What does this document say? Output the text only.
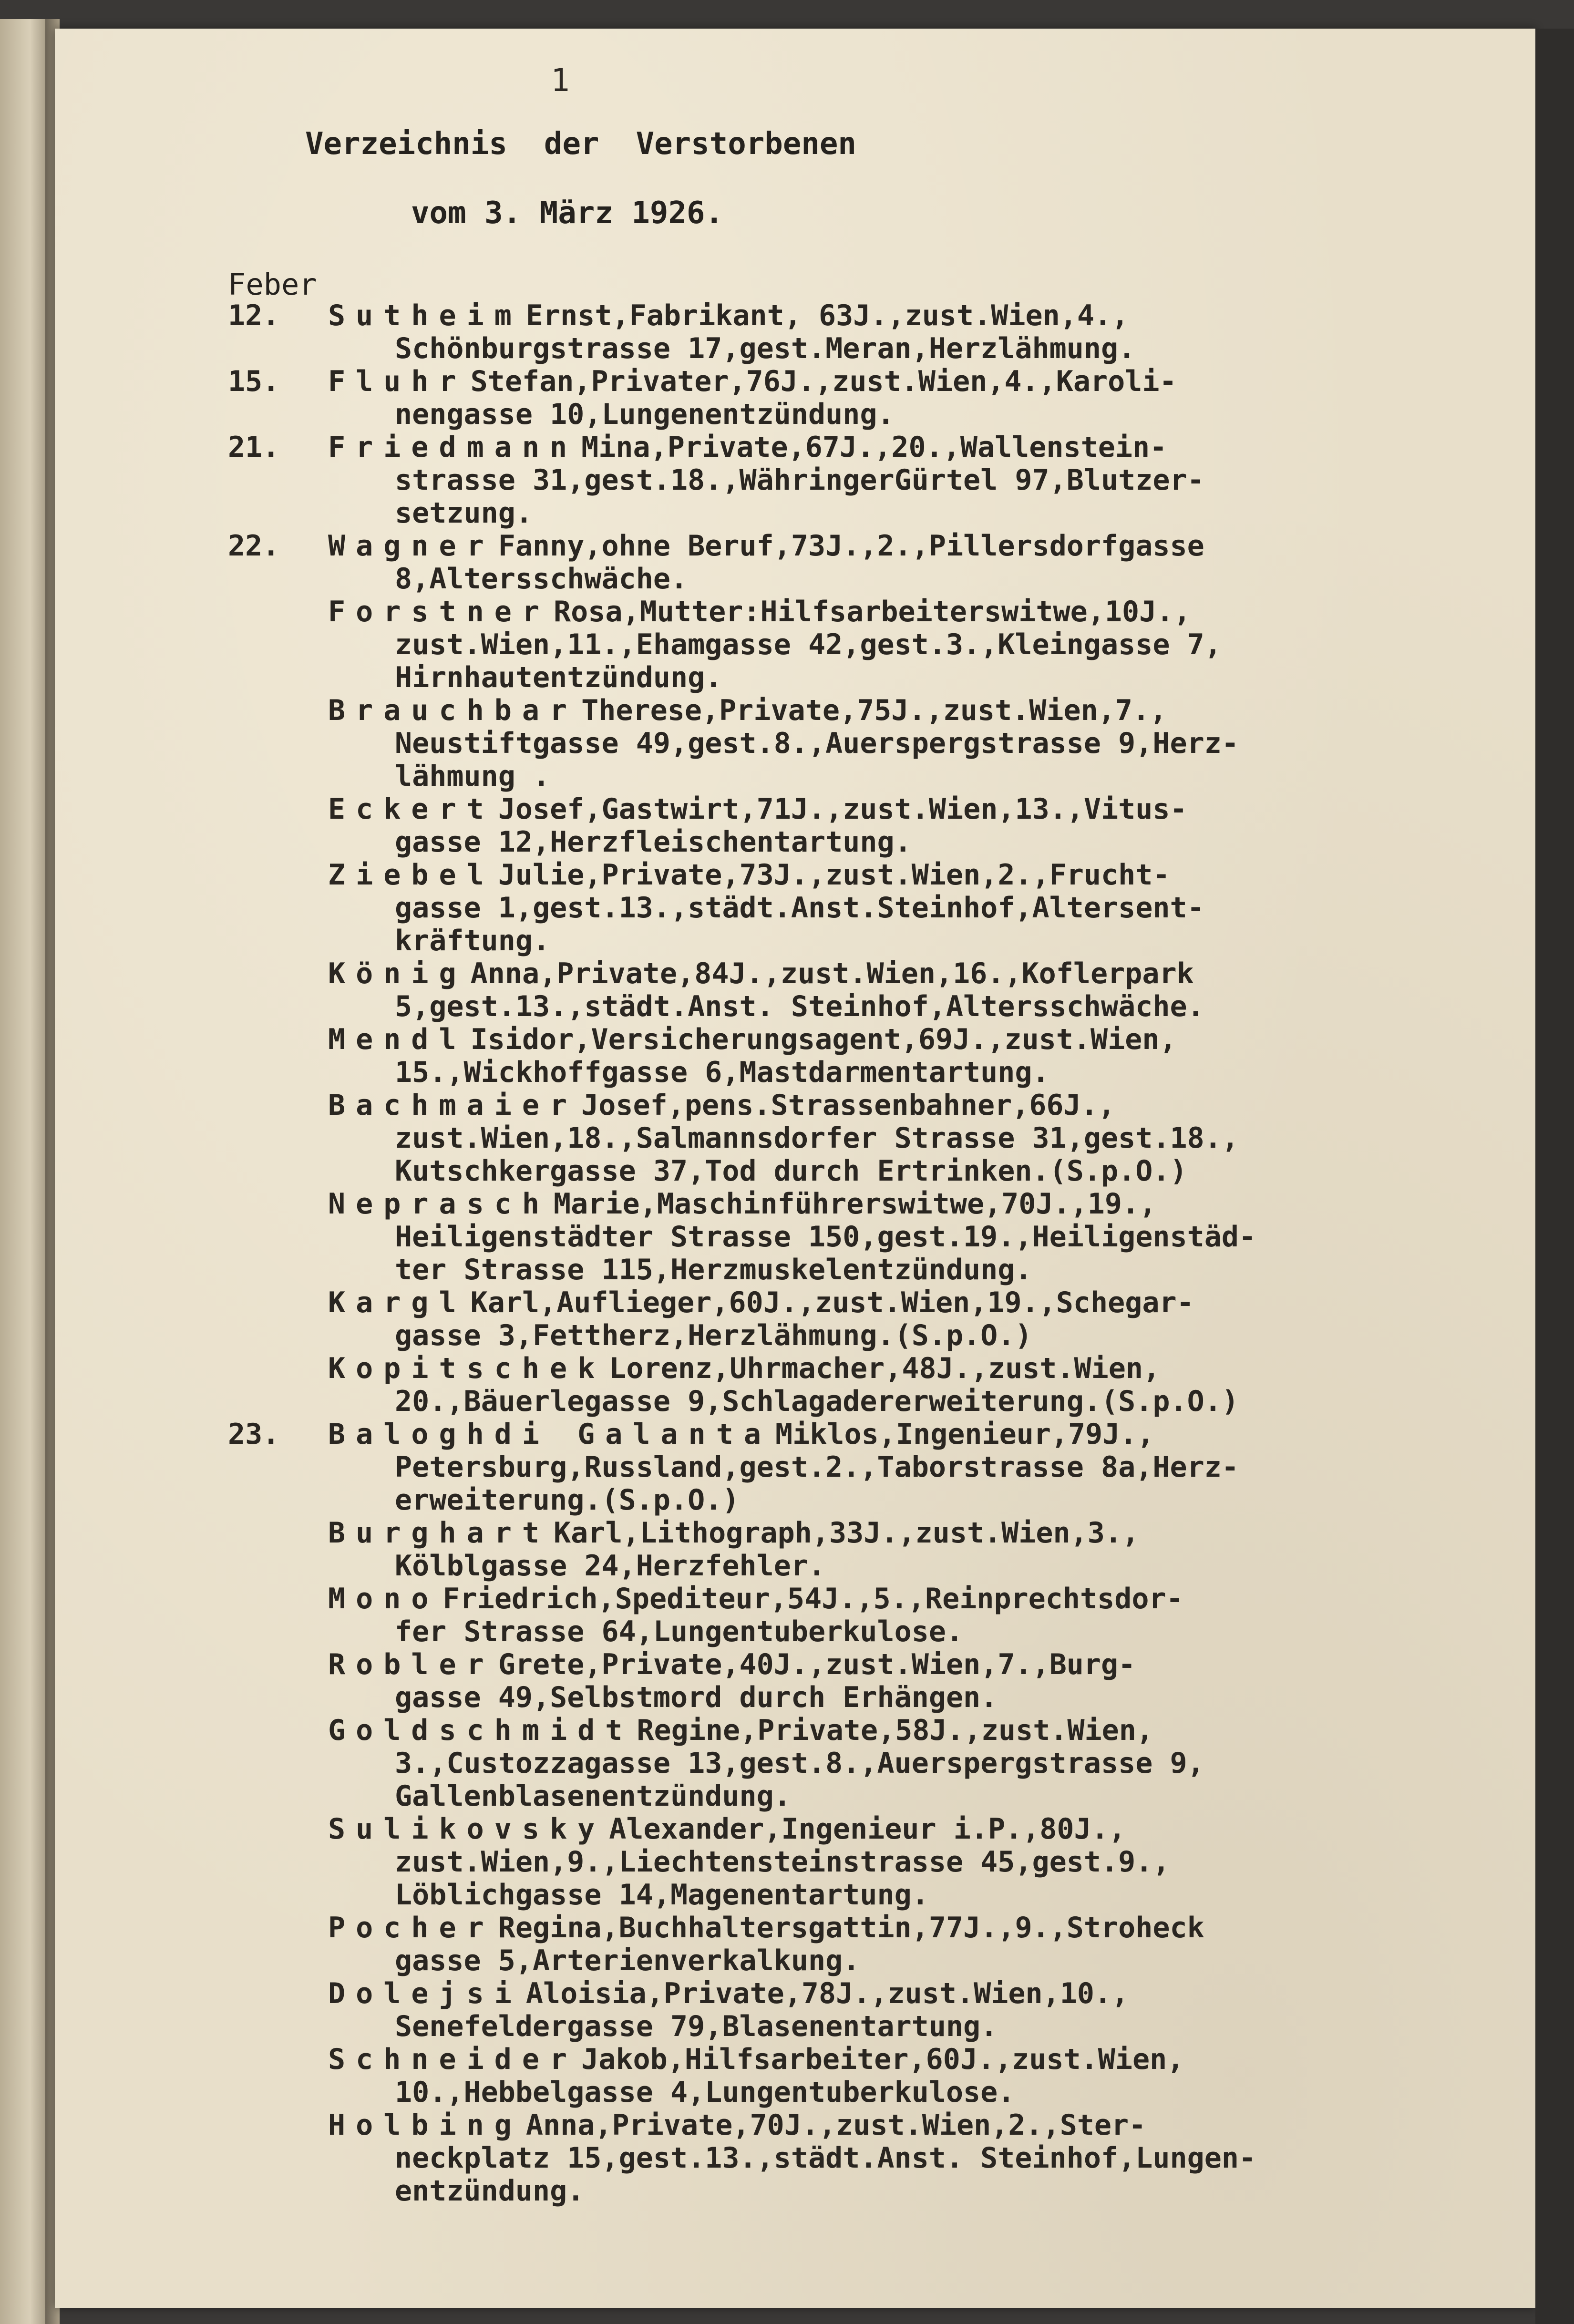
1
Verzeichnis  der  Verstorbenen
vom 3. März 1926.
Feber
12.	Sutheim Ernst,Fabrikant, 63J.,zust.Wien,4.,
Schönburgstrasse 17,gest.Meran,Herzlähmung.
15.	Fluhr Stefan,Privater,76J.,zust.Wien,4.,Karoli-
nengasse 10,Lungenentzündung.
21.	Friedmann Mina,Private,67J.,20.,Wallenstein-
strasse 31,gest.18.,WähringerGürtel 97,Blutzer-
setzung.
22.	Wagner Fanny,ohne Beruf,73J.,2.,Pillersdorfgasse
8,Altersschwäche.
Forstner Rosa,Mutter:Hilfsarbeiterswitwe,10J.,
zust.Wien,11.,Ehamgasse 42,gest.3.,Kleingasse 7,
Hirnhautentzündung.
Brauchbar Therese,Private,75J.,zust.Wien,7.,
Neustiftgasse 49,gest.8.,Auerspergstrasse 9,Herz-
lähmung .
Eckert Josef,Gastwirt,71J.,zust.Wien,13.,Vitus-
gasse 12,Herzfleischentartung.
Ziebel Julie,Private,73J.,zust.Wien,2.,Frucht-
gasse 1,gest.13.,städt.Anst.Steinhof,Altersent-
kräftung.
König Anna,Private,84J.,zust.Wien,16.,Koflerpark
5,gest.13.,städt.Anst. Steinhof,Altersschwäche.
Mendl Isidor,Versicherungsagent,69J.,zust.Wien,
15.,Wickhoffgasse 6,Mastdarmentartung.
Bachmaier Josef,pens.Strassenbahner,66J.,
zust.Wien,18.,Salmannsdorfer Strasse 31,gest.18.,
Kutschkergasse 37,Tod durch Ertrinken.(S.p.O.)
Neprasch Marie,Maschinführerswitwe,70J.,19.,
Heiligenstädter Strasse 150,gest.19.,Heiligenstäd-
ter Strasse 115,Herzmuskelentzündung.
Kargl Karl,Auflieger,60J.,zust.Wien,19.,Schegar-
gasse 3,Fettherz,Herzlähmung.(S.p.O.)
Kopitschek Lorenz,Uhrmacher,48J.,zust.Wien,
20.,Bäuerlegasse 9,Schlagadererweiterung.(S.p.O.)
23.	Baloghdi Galanta Miklos,Ingenieur,79J.,
Petersburg,Russland,gest.2.,Taborstrasse 8a,Herz-
erweiterung.(S.p.O.)
Burghart Karl,Lithograph,33J.,zust.Wien,3.,
Kölblgasse 24,Herzfehler.
Mono Friedrich,Spediteur,54J.,5.,Reinprechtsdor-
fer Strasse 64,Lungentuberkulose.
Robler Grete,Private,40J.,zust.Wien,7.,Burg-
gasse 49,Selbstmord durch Erhängen.
Goldschmidt Regine,Private,58J.,zust.Wien,
3.,Custozzagasse 13,gest.8.,Auerspergstrasse 9,
Gallenblasenentzündung.
Sulikovsky Alexander,Ingenieur i.P.,80J.,
zust.Wien,9.,Liechtensteinstrasse 45,gest.9.,
Löblichgasse 14,Magenentartung.
Pocher Regina,Buchhaltersgattin,77J.,9.,Stroheck
gasse 5,Arterienverkalkung.
Dolejsi Aloisia,Private,78J.,zust.Wien,10.,
Senefeldergasse 79,Blasenentartung.
Schneider Jakob,Hilfsarbeiter,60J.,zust.Wien,
10.,Hebbelgasse 4,Lungentuberkulose.
Holbing Anna,Private,70J.,zust.Wien,2.,Ster-
neckplatz 15,gest.13.,städt.Anst. Steinhof,Lungen-
entzündung.
